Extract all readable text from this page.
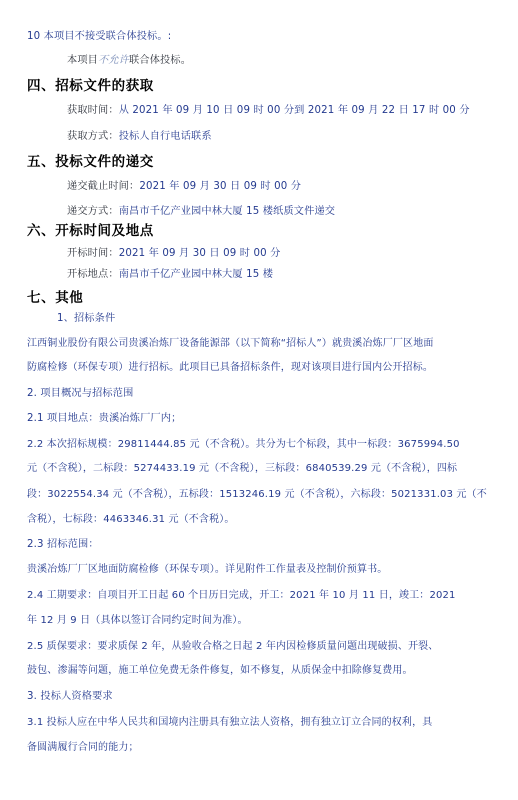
10 本项目不接受联合体投标。:
本项目不允许联合体投标。
四、招标文件的获取
获取时间：从 2021 年 09 月 10 日 09 时 00 分到 2021 年 09 月 22 日 17 时 00 分
获取方式：投标人自行电话联系
五、投标文件的递交
递交截止时间：2021 年 09 月 30 日 09 时 00 分
递交方式：南昌市千亿产业园中林大厦 15 楼纸质文件递交
六、开标时间及地点
开标时间：2021 年 09 月 30 日 09 时 00 分
开标地点：南昌市千亿产业园中林大厦 15 楼
七、其他
1、招标条件
江西铜业股份有限公司贵溪冶炼厂设备能源部（以下简称“招标人”）就贵溪冶炼厂厂区地面
防腐检修（环保专项）进行招标。此项目已具备招标条件，现对该项目进行国内公开招标。
2. 项目概况与招标范围
2.1 项目地点：贵溪冶炼厂厂内；
2.2 本次招标规模：29811444.85 元（不含税）。共分为七个标段，其中一标段：3675994.50
元（不含税），二标段：5274433.19 元（不含税），三标段：6840539.29 元（不含税），四标
段：3022554.34 元（不含税），五标段：1513246.19 元（不含税），六标段：5021331.03 元（不
含税），七标段：4463346.31 元（不含税）。
2.3 招标范围：
贵溪冶炼厂厂区地面防腐检修（环保专项）。详见附件工作量表及控制价预算书。
2.4 工期要求：自项目开工日起 60 个日历日完成，开工：2021 年 10 月 11 日，竣工：2021
年 12 月 9 日（具体以签订合同约定时间为准）。
2.5 质保要求：要求质保 2 年，从验收合格之日起 2 年内因检修质量问题出现破损、开裂、
鼓包、渗漏等问题，施工单位免费无条件修复，如不修复，从质保金中扣除修复费用。
3. 投标人资格要求
3.1 投标人应在中华人民共和国境内注册具有独立法人资格，拥有独立订立合同的权利，具
备圆满履行合同的能力；
